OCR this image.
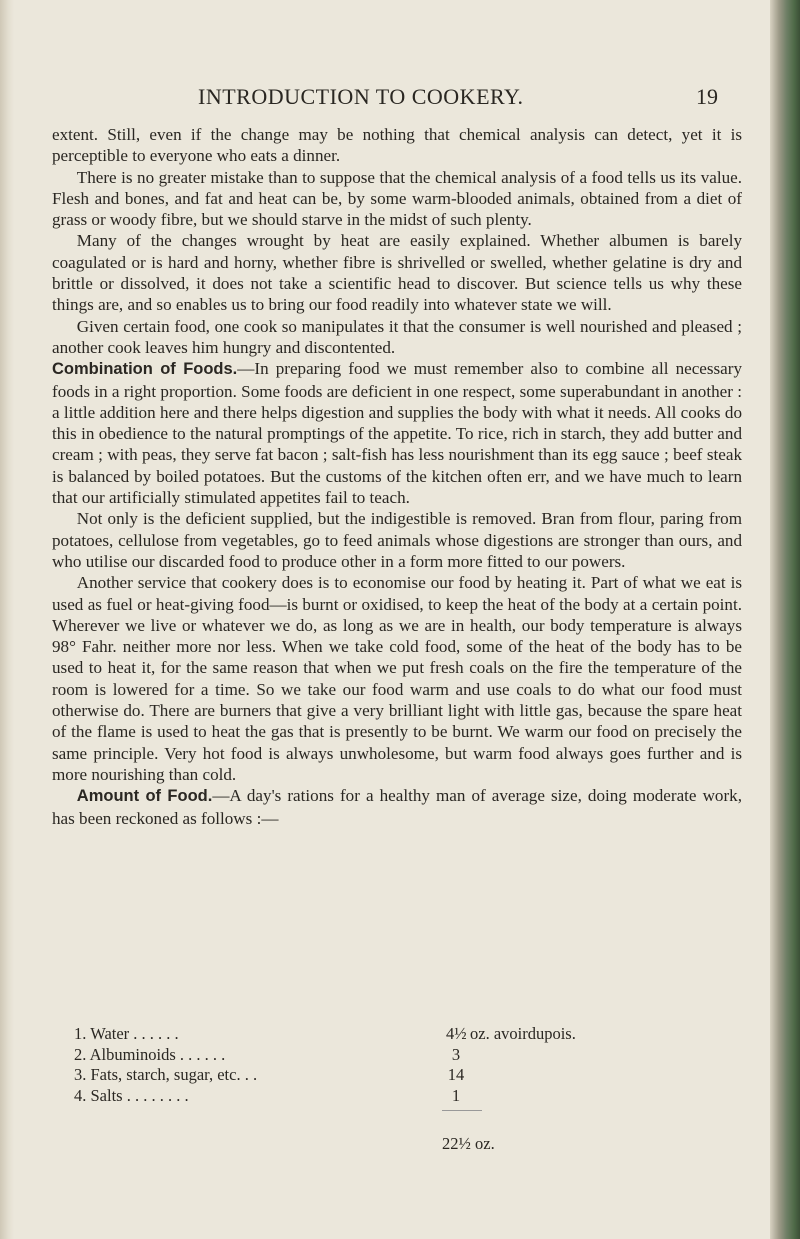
INTRODUCTION TO COOKERY.	19

extent. Still, even if the change may be nothing that chemical analysis can detect, yet it is perceptible to everyone who eats a dinner.

There is no greater mistake than to suppose that the chemical analysis of a food tells us its value. Flesh and bones, and fat and heat can be, by some warm-blooded animals, obtained from a diet of grass or woody fibre, but we should starve in the midst of such plenty.

Many of the changes wrought by heat are easily explained. Whether albumen is barely coagulated or is hard and horny, whether fibre is shrivelled or swelled, whether gelatine is dry and brittle or dissolved, it does not take a scientific head to discover. But science tells us why these things are, and so enables us to bring our food readily into whatever state we will.

Given certain food, one cook so manipulates it that the consumer is well nourished and pleased ; another cook leaves him hungry and discontented.

Combination of Foods.—In preparing food we must remember also to combine all necessary foods in a right proportion. Some foods are deficient in one respect, some superabundant in another : a little addition here and there helps digestion and supplies the body with what it needs. All cooks do this in obedience to the natural promptings of the appetite. To rice, rich in starch, they add butter and cream ; with peas, they serve fat bacon ; salt-fish has less nourishment than its egg sauce ; beef steak is balanced by boiled potatoes. But the customs of the kitchen often err, and we have much to learn that our artificially stimulated appetites fail to teach.

Not only is the deficient supplied, but the indigestible is removed. Bran from flour, paring from potatoes, cellulose from vegetables, go to feed animals whose digestions are stronger than ours, and who utilise our discarded food to produce other in a form more fitted to our powers.

Another service that cookery does is to economise our food by heating it. Part of what we eat is used as fuel or heat-giving food—is burnt or oxidised, to keep the heat of the body at a certain point. Wherever we live or whatever we do, as long as we are in health, our body temperature is always 98° Fahr. neither more nor less. When we take cold food, some of the heat of the body has to be used to heat it, for the same reason that when we put fresh coals on the fire the temperature of the room is lowered for a time. So we take our food warm and use coals to do what our food must otherwise do. There are burners that give a very brilliant light with little gas, because the spare heat of the flame is used to heat the gas that is presently to be burnt. We warm our food on precisely the same principle. Very hot food is always unwholesome, but warm food always goes further and is more nourishing than cold.

Amount of Food.—A day's rations for a healthy man of average size, doing moderate work, has been reckoned as follows :—

1. Water . . . . . .	4½ oz. avoirdupois.
2. Albuminoids . . . . . .	3
3. Fats, starch, sugar, etc. . .	14
4. Salts . . . . . . . .	1
22½ oz.
